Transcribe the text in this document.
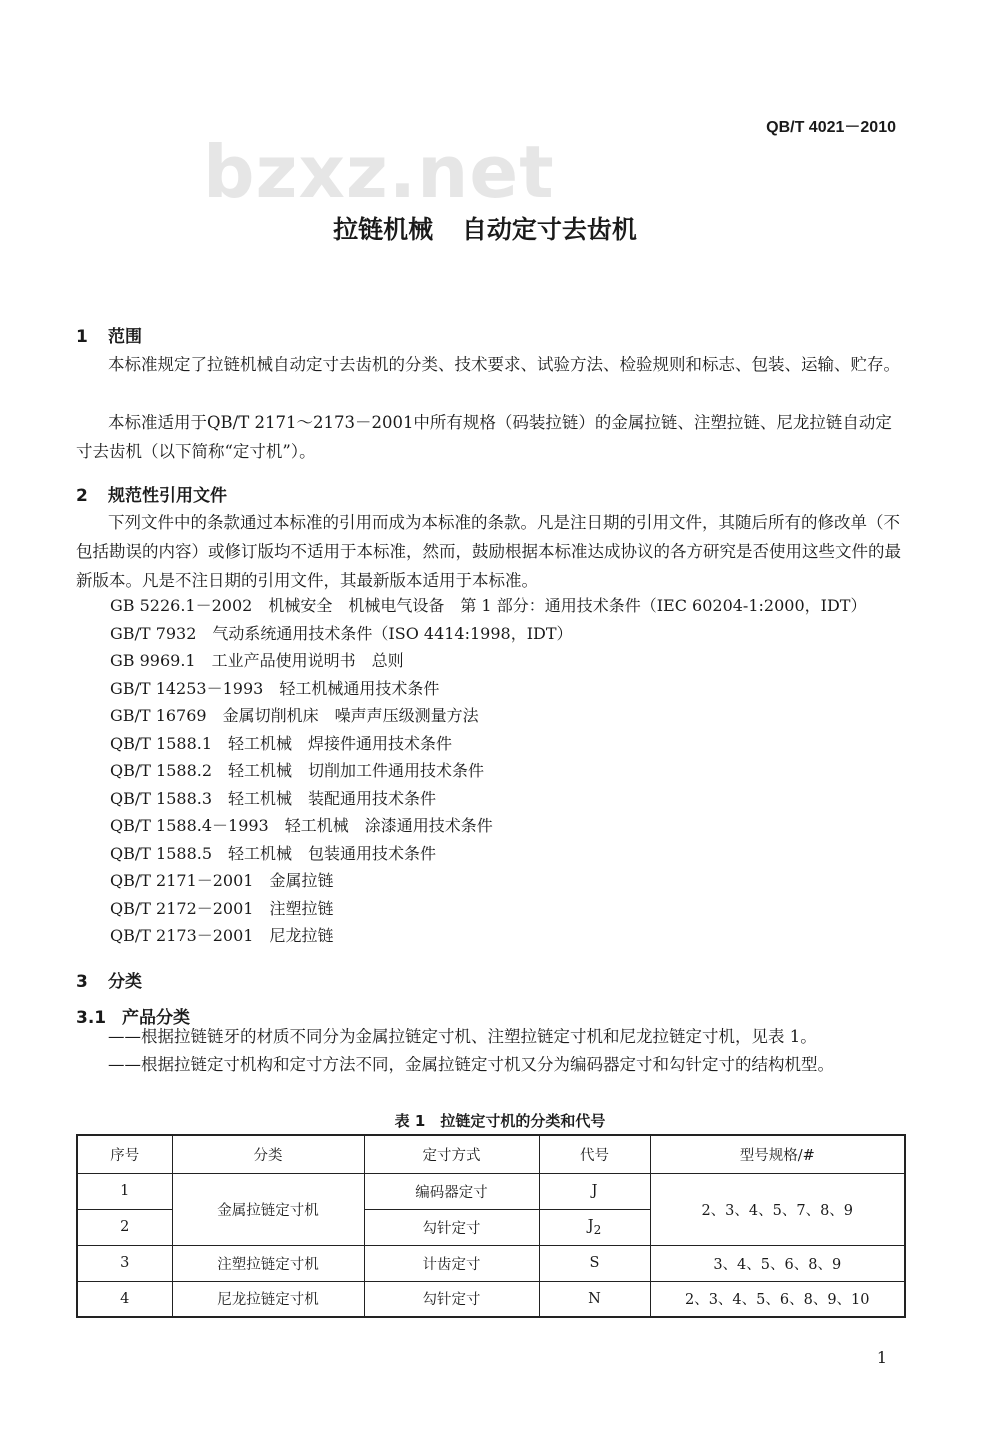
QB/T 4021－2010
bzxz.net
拉链机械 自动定寸去齿机
1 范围
本标准规定了拉链机械自动定寸去齿机的分类、技术要求、试验方法、检验规则和标志、包装、运输、贮存。
本标准适用于QB/T 2171～2173－2001中所有规格（码装拉链）的金属拉链、注塑拉链、尼龙拉链自动定寸去齿机（以下简称“定寸机”）。
2 规范性引用文件
下列文件中的条款通过本标准的引用而成为本标准的条款。凡是注日期的引用文件，其随后所有的修改单（不包括勘误的内容）或修订版均不适用于本标准，然而，鼓励根据本标准达成协议的各方研究是否使用这些文件的最新版本。凡是不注日期的引用文件，其最新版本适用于本标准。
GB 5226.1－2002 机械安全　机械电气设备　第 1 部分：通用技术条件（IEC 60204-1:2000，IDT）
GB/T 7932 气动系统通用技术条件（ISO 4414:1998，IDT）
GB 9969.1 工业产品使用说明书　总则
GB/T 14253－1993 轻工机械通用技术条件
GB/T 16769 金属切削机床　噪声声压级测量方法
QB/T 1588.1 轻工机械　焊接件通用技术条件
QB/T 1588.2 轻工机械　切削加工件通用技术条件
QB/T 1588.3 轻工机械　装配通用技术条件
QB/T 1588.4－1993 轻工机械　涂漆通用技术条件
QB/T 1588.5 轻工机械　包装通用技术条件
QB/T 2171－2001 金属拉链
QB/T 2172－2001 注塑拉链
QB/T 2173－2001 尼龙拉链
3 分类
3.1 产品分类
——根据拉链链牙的材质不同分为金属拉链定寸机、注塑拉链定寸机和尼龙拉链定寸机，见表 1。
——根据拉链定寸机构和定寸方法不同，金属拉链定寸机又分为编码器定寸和勾针定寸的结构机型。
表 1　拉链定寸机的分类和代号
序号	分类	定寸方式	代号	型号规格/#
1	金属拉链定寸机	编码器定寸	J	2、3、4、5、7、8、9
2		勾针定寸	$J_2$
3	注塑拉链定寸机	计齿定寸	S	3、4、5、6、8、9
4	尼龙拉链定寸机	勾针定寸	N	2、3、4、5、6、8、9、10
1
